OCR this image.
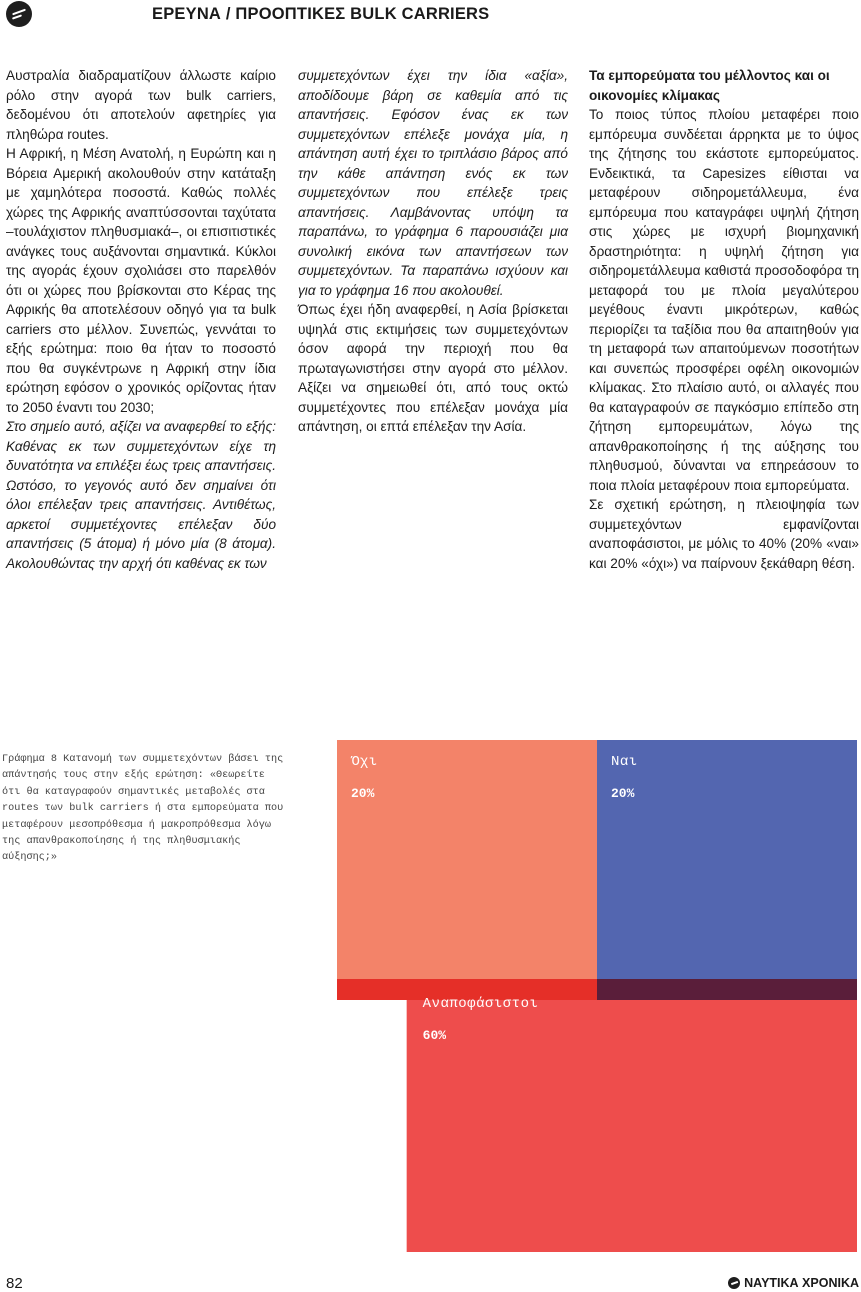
ΕΡΕΥΝΑ / ΠΡΟΟΠΤΙΚΕΣ BULK CARRIERS

Αυστραλία διαδραματίζουν άλλωστε καίριο ρόλο στην αγορά των bulk carriers, δεδομένου ότι αποτελούν αφετηρίες για πληθώρα routes.

Η Αφρική, η Μέση Ανατολή, η Ευρώπη και η Βόρεια Αμερική ακολουθούν στην κατάταξη με χαμηλότερα ποσοστά. Καθώς πολλές χώρες της Αφρικής αναπτύσσονται ταχύτατα –τουλάχιστον πληθυσμιακά–, οι επισιτιστικές ανάγκες τους αυξάνονται σημαντικά. Κύκλοι της αγοράς έχουν σχολιάσει στο παρελθόν ότι οι χώρες που βρίσκονται στο Κέρας της Αφρικής θα αποτελέσουν οδηγό για τα bulk carriers στο μέλλον. Συνεπώς, γεννάται το εξής ερώτημα: ποιο θα ήταν το ποσοστό που θα συγκέντρωνε η Αφρική στην ίδια ερώτηση εφόσον ο χρονικός ορίζοντας ήταν το 2050 έναντι του 2030;

Στο σημείο αυτό, αξίζει να αναφερθεί το εξής: Καθένας εκ των συμμετεχόντων είχε τη δυνατότητα να επιλέξει έως τρεις απαντήσεις. Ωστόσο, το γεγονός αυτό δεν σημαίνει ότι όλοι επέλεξαν τρεις απαντήσεις. Αντιθέτως, αρκετοί συμμετέχοντες επέλεξαν δύο απαντήσεις (5 άτομα) ή μόνο μία (8 άτομα). Ακολουθώντας την αρχή ότι καθένας εκ των

συμμετεχόντων έχει την ίδια «αξία», αποδίδουμε βάρη σε καθεμία από τις απαντήσεις. Εφόσον ένας εκ των συμμετεχόντων επέλεξε μονάχα μία, η απάντηση αυτή έχει το τριπλάσιο βάρος από την κάθε απάντηση ενός εκ των συμμετεχόντων που επέλεξε τρεις απαντήσεις. Λαμβάνοντας υπόψη τα παραπάνω, το γράφημα 6 παρουσιάζει μια συνολική εικόνα των απαντήσεων των συμμετεχόντων. Τα παραπάνω ισχύουν και για το γράφημα 16 που ακολουθεί.

Όπως έχει ήδη αναφερθεί, η Ασία βρίσκεται υψηλά στις εκτιμήσεις των συμμετεχόντων όσον αφορά την περιοχή που θα πρωταγωνιστήσει στην αγορά στο μέλλον. Αξίζει να σημειωθεί ότι, από τους οκτώ συμμετέχοντες που επέλεξαν μονάχα μία απάντηση, οι επτά επέλεξαν την Ασία.

Τα εμπορεύματα του μέλλοντος και οι οικονομίες κλίμακας

Το ποιος τύπος πλοίου μεταφέρει ποιο εμπόρευμα συνδέεται άρρηκτα με το ύψος της ζήτησης του εκάστοτε εμπορεύματος. Ενδεικτικά, τα Capesizes είθισται να μεταφέρουν σιδηρομετάλλευμα, ένα εμπόρευμα που καταγράφει υψηλή ζήτηση στις χώρες με ισχυρή βιομηχανική δραστηριότητα: η υψηλή ζήτηση για σιδηρομετάλλευμα καθιστά προσοδοφόρα τη μεταφορά του με πλοία μεγαλύτερου μεγέθους έναντι μικρότερων, καθώς περιορίζει τα ταξίδια που θα απαιτηθούν για τη μεταφορά των απαιτούμενων ποσοτήτων και συνεπώς προσφέρει οφέλη οικονομιών κλίμακας. Στο πλαίσιο αυτό, οι αλλαγές που θα καταγραφούν σε παγκόσμιο επίπεδο στη ζήτηση εμπορευμάτων, λόγω της απανθρακοποίησης ή της αύξησης του πληθυσμού, δύνανται να επηρεάσουν το ποια πλοία μεταφέρουν ποια εμπορεύματα.

Σε σχετική ερώτηση, η πλειοψηφία των συμμετεχόντων εμφανίζονται αναποφάσιστοι, με μόλις το 40% (20% «ναι» και 20% «όχι») να παίρνουν ξεκάθαρη θέση.

Γράφημα 8 Κατανομή των συμμετεχόντων βάσει της απάντησής τους στην εξής ερώτηση: «Θεωρείτε ότι θα καταγραφούν σημαντικές μεταβολές στα routes των bulk carriers ή στα εμπορεύματα που μεταφέρουν μεσοπρόθεσμα ή μακροπρόθεσμα λόγω της απανθρακοποίησης ή της πληθυσμιακής αύξησης;»

Όχι
20%
Ναι
20%
Αναποφάσιστοι
60%
82	ΝΑΥΤΙΚΑ ΧΡΟΝΙΚΑ
